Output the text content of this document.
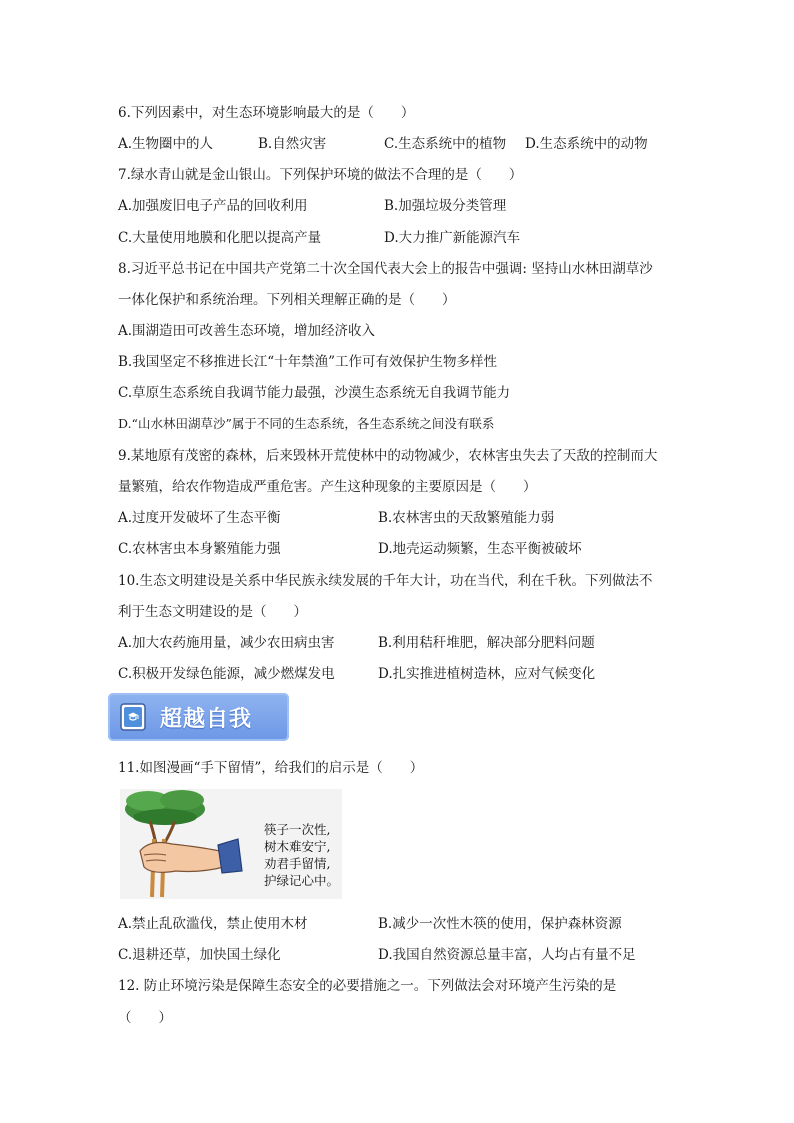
6.下列因素中，对生态环境影响最大的是（　　）
A.生物圈中的人	B.自然灾害	C.生态系统中的植物 D.生态系统中的动物
7.绿水青山就是金山银山。下列保护环境的做法不合理的是（　　）
A.加强废旧电子产品的回收利用	B.加强垃圾分类管理
C.大量使用地膜和化肥以提高产量	D.大力推广新能源汽车
8.习近平总书记在中国共产党第二十次全国代表大会上的报告中强调: 坚持山水林田湖草沙
一体化保护和系统治理。下列相关理解正确的是（　　）
A.围湖造田可改善生态环境，增加经济收入
B.我国坚定不移推进长江“十年禁渔”工作可有效保护生物多样性
C.草原生态系统自我调节能力最强，沙漠生态系统无自我调节能力
D.“山水林田湖草沙”属于不同的生态系统，各生态系统之间没有联系
9.某地原有茂密的森林，后来毁林开荒使林中的动物减少，农林害虫失去了天敌的控制而大
量繁殖，给农作物造成严重危害。产生这种现象的主要原因是（　　）
A.过度开发破坏了生态平衡	B.农林害虫的天敌繁殖能力弱
C.农林害虫本身繁殖能力强	D.地壳运动频繁，生态平衡被破坏
10.生态文明建设是关系中华民族永续发展的千年大计，功在当代，利在千秋。下列做法不
利于生态文明建设的是（　　）
A.加大农药施用量，减少农田病虫害	B.利用秸秆堆肥，解决部分肥料问题
C.积极开发绿色能源，减少燃煤发电	D.扎实推进植树造林，应对气候变化
超越自我
11.如图漫画“手下留情”，给我们的启示是（　　）
筷子一次性,
树木难安宁,
劝君手留情,
护绿记心中。
A.禁止乱砍滥伐，禁止使用木材	B.减少一次性木筷的使用，保护森林资源
C.退耕还草，加快国土绿化	D.我国自然资源总量丰富，人均占有量不足
12. 防止环境污染是保障生态安全的必要措施之一。下列做法会对环境产生污染的是
（　　）
